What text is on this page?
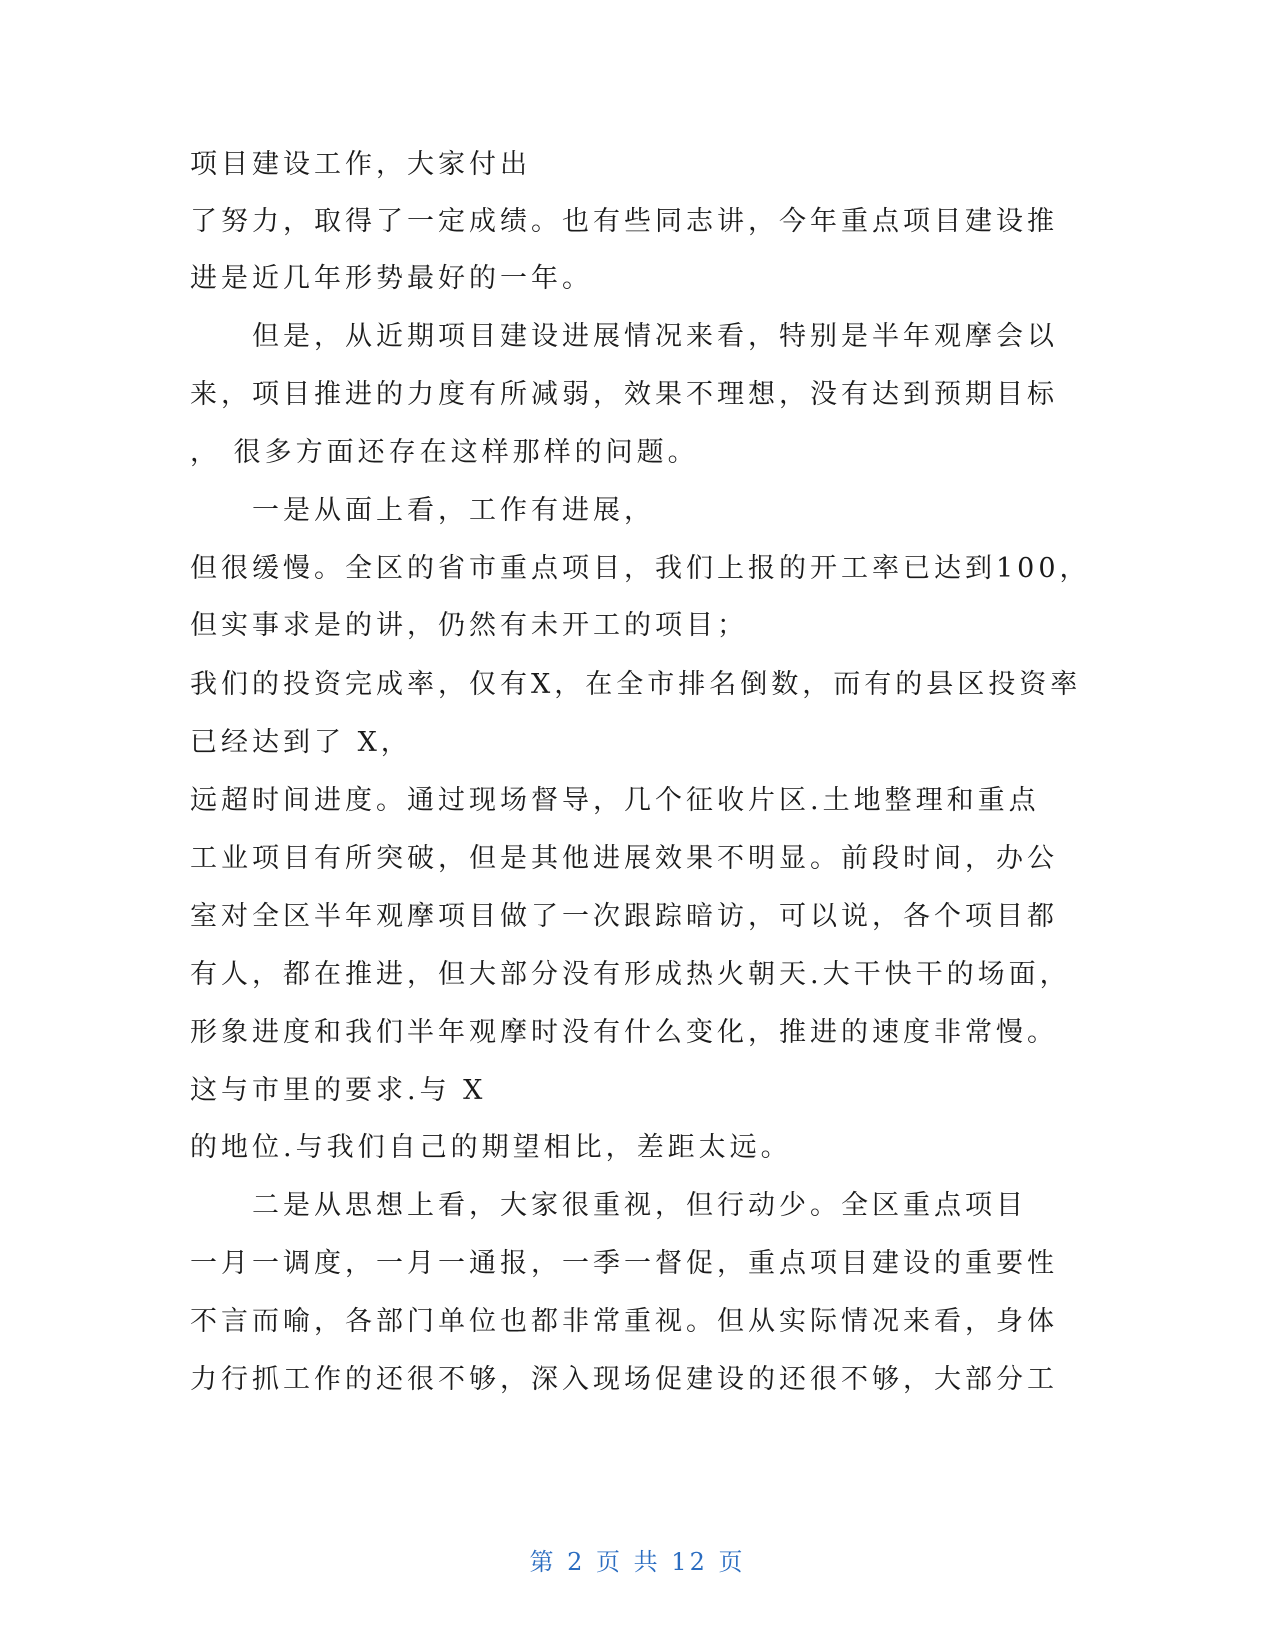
项目建设工作，大家付出
了努力，取得了一定成绩。也有些同志讲，今年重点项目建设推
进是近几年形势最好的一年。
但是，从近期项目建设进展情况来看，特别是半年观摩会以
来，项目推进的力度有所减弱，效果不理想，没有达到预期目标
， 很多方面还存在这样那样的问题。
一是从面上看，工作有进展，
但很缓慢。全区的省市重点项目，我们上报的开工率已达到100，
但实事求是的讲，仍然有未开工的项目；
我们的投资完成率，仅有X，在全市排名倒数，而有的县区投资率
已经达到了 X，
远超时间进度。通过现场督导，几个征收片区.土地整理和重点
工业项目有所突破，但是其他进展效果不明显。前段时间，办公
室对全区半年观摩项目做了一次跟踪暗访，可以说，各个项目都
有人，都在推进，但大部分没有形成热火朝天.大干快干的场面，
形象进度和我们半年观摩时没有什么变化，推进的速度非常慢。
这与市里的要求.与 X
的地位.与我们自己的期望相比，差距太远。
二是从思想上看，大家很重视，但行动少。全区重点项目
一月一调度，一月一通报，一季一督促，重点项目建设的重要性
不言而喻，各部门单位也都非常重视。但从实际情况来看，身体
力行抓工作的还很不够，深入现场促建设的还很不够，大部分工
第 2 页 共 12 页
